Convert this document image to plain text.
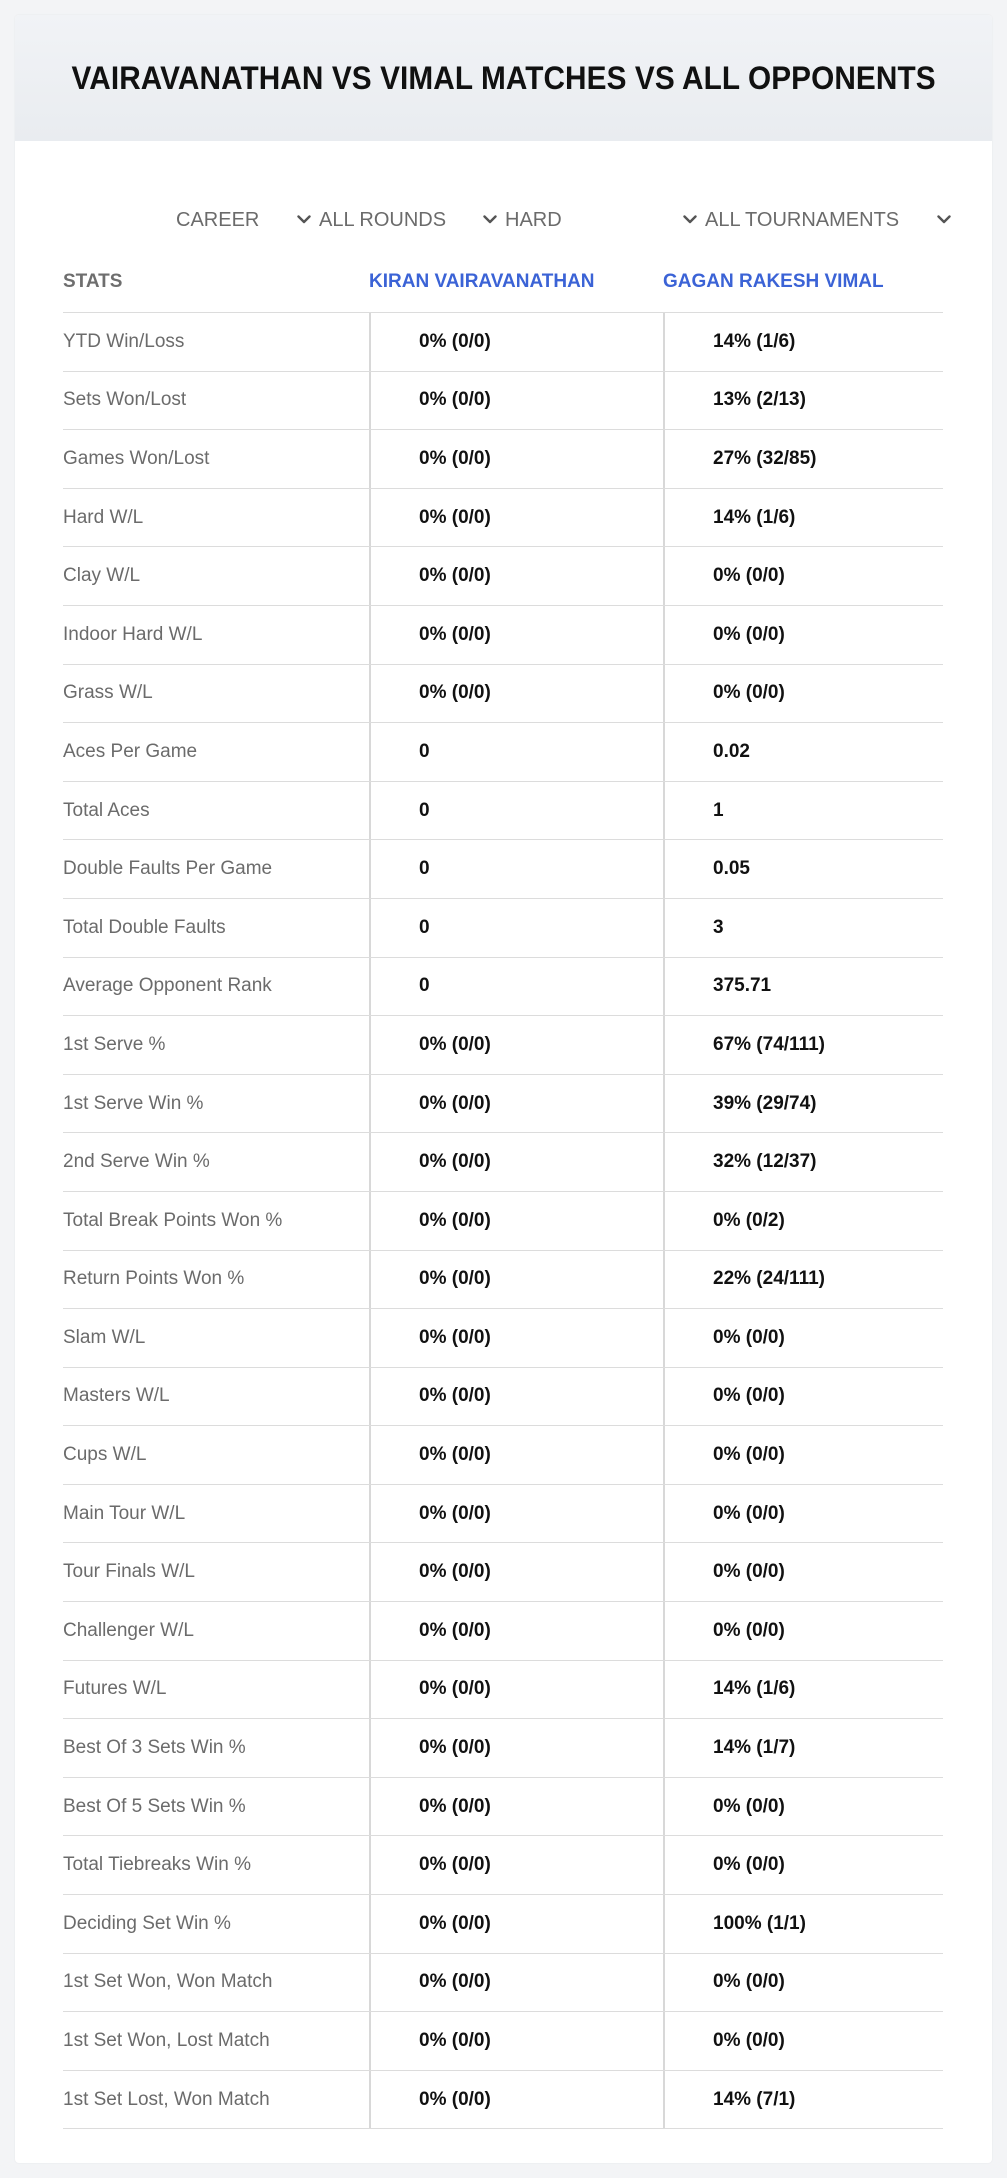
VAIRAVANATHAN VS VIMAL MATCHES VS ALL OPPONENTS
CAREER	ALL ROUNDS	HARD	ALL TOURNAMENTS
STATS	KIRAN VAIRAVANATHAN	GAGAN RAKESH VIMAL
YTD Win/Loss	0% (0/0)	14% (1/6)
Sets Won/Lost	0% (0/0)	13% (2/13)
Games Won/Lost	0% (0/0)	27% (32/85)
Hard W/L	0% (0/0)	14% (1/6)
Clay W/L	0% (0/0)	0% (0/0)
Indoor Hard W/L	0% (0/0)	0% (0/0)
Grass W/L	0% (0/0)	0% (0/0)
Aces Per Game	0	0.02
Total Aces	0	1
Double Faults Per Game	0	0.05
Total Double Faults	0	3
Average Opponent Rank	0	375.71
1st Serve %	0% (0/0)	67% (74/111)
1st Serve Win %	0% (0/0)	39% (29/74)
2nd Serve Win %	0% (0/0)	32% (12/37)
Total Break Points Won %	0% (0/0)	0% (0/2)
Return Points Won %	0% (0/0)	22% (24/111)
Slam W/L	0% (0/0)	0% (0/0)
Masters W/L	0% (0/0)	0% (0/0)
Cups W/L	0% (0/0)	0% (0/0)
Main Tour W/L	0% (0/0)	0% (0/0)
Tour Finals W/L	0% (0/0)	0% (0/0)
Challenger W/L	0% (0/0)	0% (0/0)
Futures W/L	0% (0/0)	14% (1/6)
Best Of 3 Sets Win %	0% (0/0)	14% (1/7)
Best Of 5 Sets Win %	0% (0/0)	0% (0/0)
Total Tiebreaks Win %	0% (0/0)	0% (0/0)
Deciding Set Win %	0% (0/0)	100% (1/1)
1st Set Won, Won Match	0% (0/0)	0% (0/0)
1st Set Won, Lost Match	0% (0/0)	0% (0/0)
1st Set Lost, Won Match	0% (0/0)	14% (7/1)
